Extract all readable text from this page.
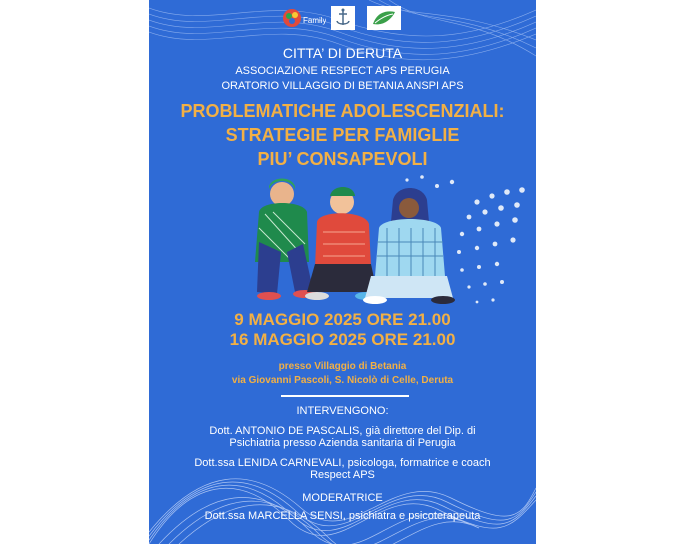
Family
CITTA’ DI DERUTA
ASSOCIAZIONE RESPECT APS PERUGIA
ORATORIO VILLAGGIO DI BETANIA ANSPI APS
PROBLEMATICHE ADOLESCENZIALI:
STRATEGIE PER FAMIGLIE
PIU’ CONSAPEVOLI
9 MAGGIO 2025 ORE 21.00
16 MAGGIO 2025 ORE 21.00
presso Villaggio di Betania
via Giovanni Pascoli, S. Nicolò di Celle, Deruta
INTERVENGONO:
Dott. ANTONIO DE PASCALIS, già direttore del Dip. di
Psichiatria presso Azienda sanitaria di Perugia
Dott.ssa LENIDA CARNEVALI, psicologa, formatrice e coach
Respect APS
MODERATRICE
Dott.ssa MARCELLA SENSI, psichiatra e psicoterapeuta
